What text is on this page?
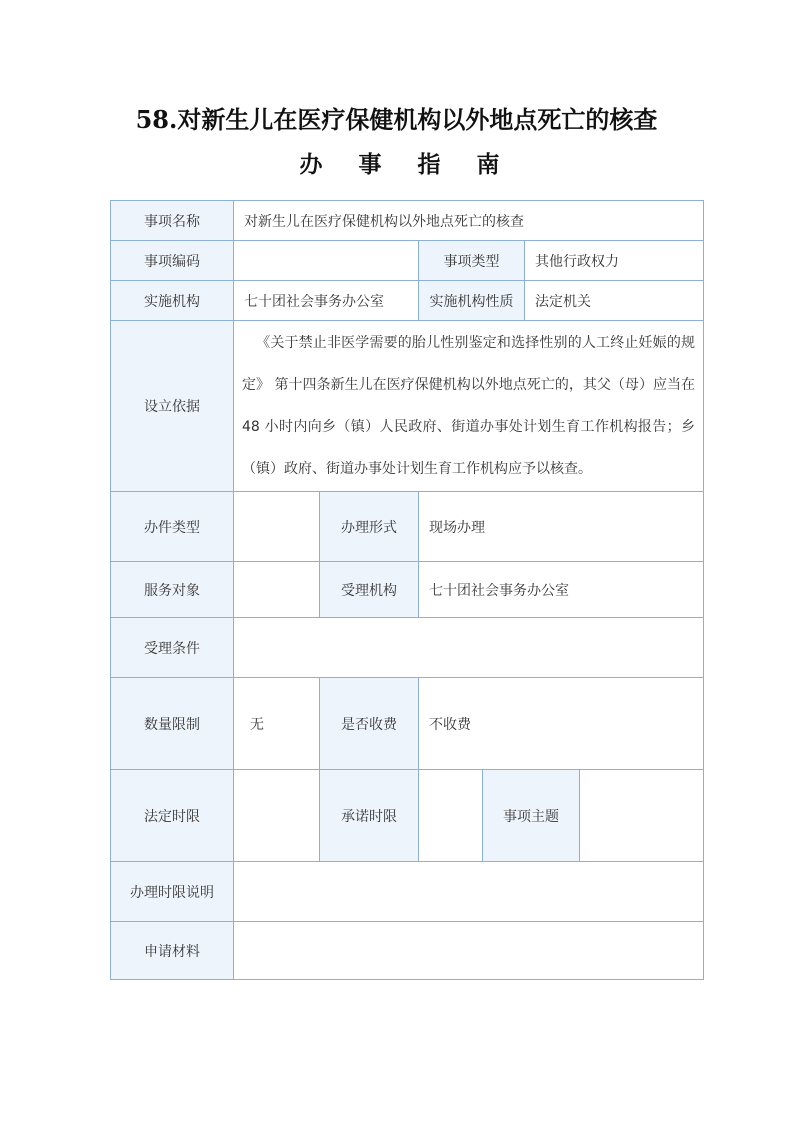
58.对新生儿在医疗保健机构以外地点死亡的核查
办 事 指 南
事项名称	对新生儿在医疗保健机构以外地点死亡的核查					
事项编码			事项类型		其他行政权力	
实施机构	七十团社会事务办公室		实施机构性质		法定机关	
设立依据	 《关于禁止非医学需要的胎儿性别鉴定和选择性别的人工终止妊娠的规定》 第十四条新生儿在医疗保健机构以外地点死亡的，其父（母）应当在48 小时内向乡（镇）人民政府、街道办事处计划生育工作机构报告；乡（镇）政府、街道办事处计划生育工作机构应予以核查。					
办件类型		办理形式	现场办理			
服务对象		受理机构	七十团社会事务办公室			
受理条件						
数量限制	无	是否收费	不收费			
法定时限		承诺时限		事项主题		
办理时限说明						
申请材料						
